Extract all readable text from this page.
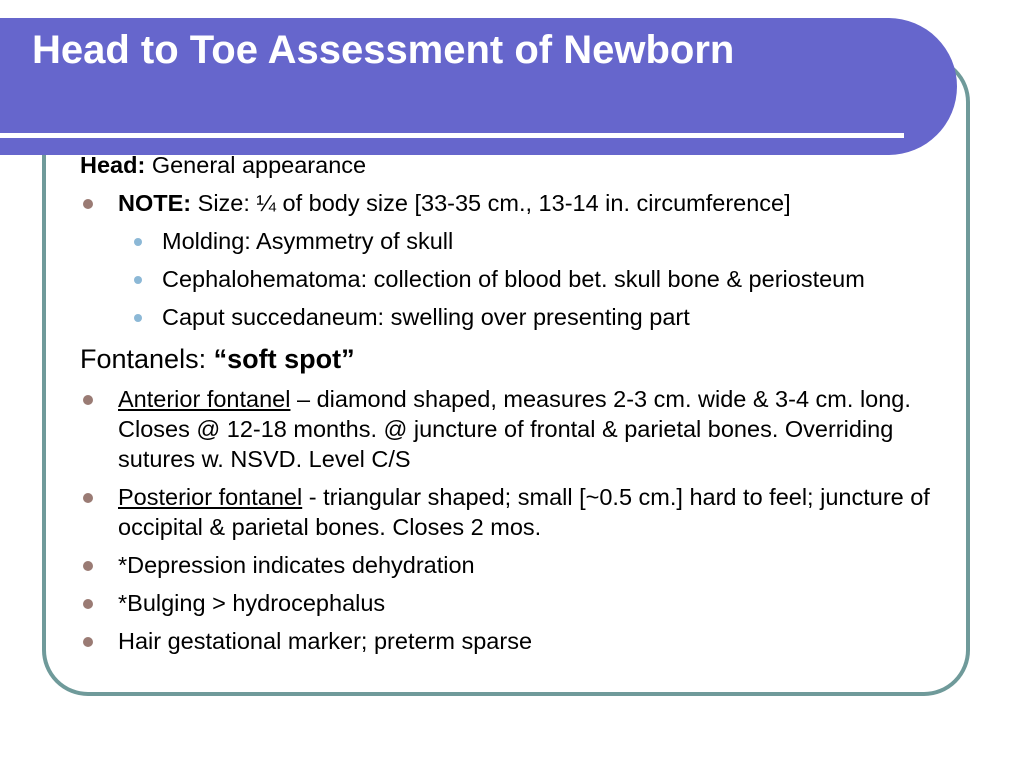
Head to Toe Assessment of Newborn
Head: General appearance
NOTE: Size: ¼ of body size [33-35 cm., 13-14 in. circumference]
Molding: Asymmetry of skull
Cephalohematoma: collection of blood bet. skull bone & periosteum
Caput succedaneum: swelling over presenting part
Fontanels: “soft spot”
Anterior fontanel – diamond shaped, measures 2-3 cm. wide & 3-4 cm. long. Closes @ 12-18 months. @ juncture of frontal & parietal bones. Overriding sutures w. NSVD. Level C/S
Posterior fontanel - triangular shaped; small [~0.5 cm.] hard to feel; juncture of occipital & parietal bones. Closes 2 mos.
*Depression indicates dehydration
*Bulging > hydrocephalus
Hair gestational marker; preterm sparse
